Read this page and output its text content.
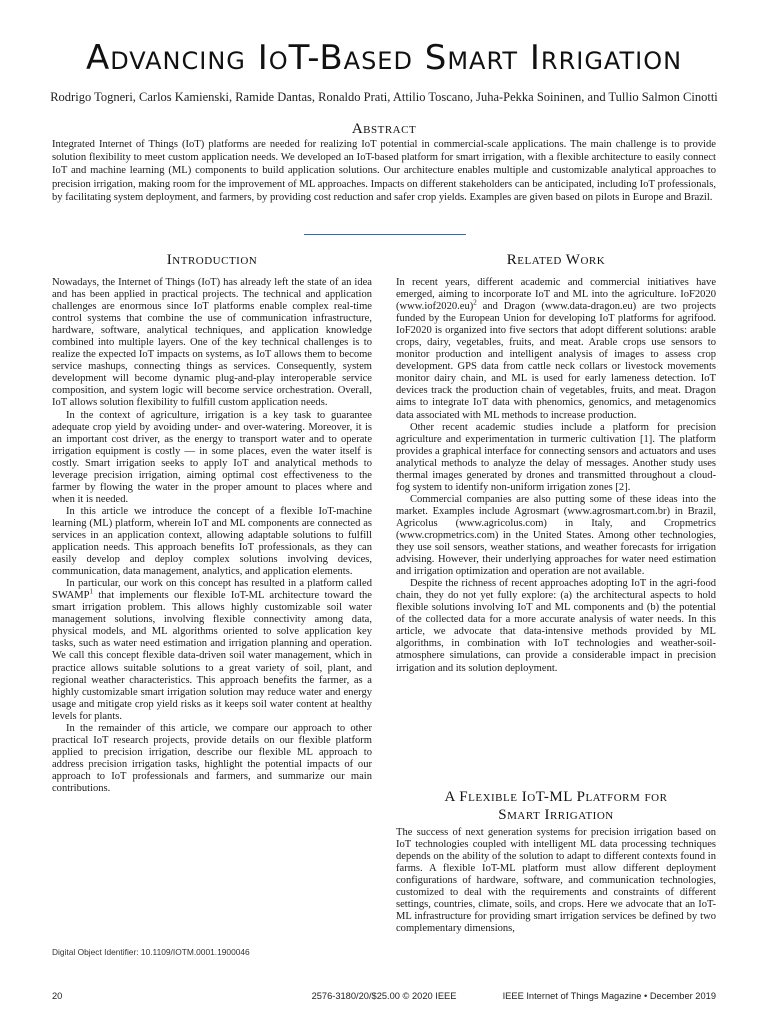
Advancing IoT-Based Smart Irrigation
Rodrigo Togneri, Carlos Kamienski, Ramide Dantas, Ronaldo Prati, Attilio Toscano, Juha-Pekka Soininen, and Tullio Salmon Cinotti
Abstract
Integrated Internet of Things (IoT) platforms are needed for realizing IoT potential in commercial-scale applications. The main challenge is to provide solution flexibility to meet custom application needs. We developed an IoT-based platform for smart irrigation, with a flexible architecture to easily connect IoT and machine learning (ML) components to build application solutions. Our architecture enables multiple and customizable analytical approaches to precision irrigation, making room for the improvement of ML approaches. Impacts on different stakeholders can be anticipated, including IoT professionals, by facilitating system deployment, and farmers, by providing cost reduction and safer crop yields. Examples are given based on pilots in Europe and Brazil.
Introduction

Nowadays, the Internet of Things (IoT) has already left the state of an idea and has been applied in practical projects. The technical and application challenges are enormous since IoT platforms enable complex real-time control systems that combine the use of communication infrastructure, hardware, software, analytical techniques, and application knowledge combined into multiple layers. One of the key technical challenges is to realize the expected IoT impacts on systems, as IoT allows them to become service mashups, connecting things as services. Consequently, system development will become dynamic plug-and-play interoperable service composition, and system logic will become service orchestration. Overall, IoT allows solution flexibility to fulfill custom application needs.

In the context of agriculture, irrigation is a key task to guarantee adequate crop yield by avoiding under- and over-watering. Moreover, it is an important cost driver, as the energy to transport water and to operate irrigation equipment is costly — in some places, even the water itself is costly. Smart irrigation seeks to apply IoT and analytical methods to leverage precision irrigation, aiming optimal cost effectiveness to the farmer by flowing the water in the proper amount to places where and when it is needed.

In this article we introduce the concept of a flexible IoT-machine learning (ML) platform, wherein IoT and ML components are connected as services in an application context, allowing adaptable solutions to fulfill application needs. This approach benefits IoT professionals, as they can easily develop and deploy complex solutions involving devices, communication, data management, analytics, and application elements.

In particular, our work on this concept has resulted in a platform called SWAMP$^1$ that implements our flexible IoT-ML architecture toward the smart irrigation problem. This allows highly customizable soil water management solutions, involving flexible connectivity among data, physical models, and ML algorithms oriented to solve application key tasks, such as water need estimation and irrigation planning and operation. We call this concept flexible data-driven soil water management, which in practice allows suitable solutions to a great variety of soil, plant, and regional weather characteristics. This approach benefits the farmer, as a highly customizable smart irrigation solution may reduce water and energy usage and mitigate crop yield risks as it keeps soil water content at healthy levels for plants.

In the remainder of this article, we compare our approach to other practical IoT research projects, provide details on our flexible platform applied to precision irrigation, describe our flexible ML approach to address precision irrigation tasks, highlight the potential impacts of our approach to IoT professionals and farmers, and summarize our main contributions.

Digital Object Identifier: 10.1109/IOTM.0001.1900046
Related Work

In recent years, different academic and commercial initiatives have emerged, aiming to incorporate IoT and ML into the agriculture. IoF2020 $(www.iof2020.eu)^2$ and Dragon (www.data-dragon.eu) are two projects funded by the European Union for developing IoT platforms for agrifood. IoF2020 is organized into five sectors that adopt different solutions: arable crops, dairy, vegetables, fruits, and meat. Arable crops use sensors to monitor production and intelligent analysis of images to assess crop development. GPS data from cattle neck collars or livestock movements monitor dairy chain, and ML is used for early lameness detection. IoT devices track the production chain of vegetables, fruits, and meat. Dragon aims to integrate IoT data with phenomics, genomics, and metagenomics data associated with ML methods to increase production.

Other recent academic studies include a platform for precision agriculture and experimentation in turmeric cultivation [1]. The platform provides a graphical interface for connecting sensors and actuators and uses analytical methods to analyze the delay of messages. Another study uses thermal images generated by drones and transmitted throughout a cloud-fog system to identify non-uniform irrigation zones [2].

Commercial companies are also putting some of these ideas into the market. Examples include Agrosmart (www.agrosmart.com.br) in Brazil, Agricolus (www.agricolus.com) in Italy, and Cropmetrics (www.cropmetrics.com) in the United States. Among other technologies, they use soil sensors, weather stations, and weather forecasts for irrigation advising. However, their underlying approaches for water need estimation and irrigation optimization and operation are not available.

Despite the richness of recent approaches adopting IoT in the agri-food chain, they do not yet fully explore: (a) the architectural aspects to hold flexible solutions involving IoT and ML components and (b) the potential of the collected data for a more accurate analysis of water needs. In this article, we advocate that data-intensive methods provided by ML algorithms, in combination with IoT technologies and weather-soil-atmosphere simulations, can provide a considerable impact in precision irrigation and its solution deployment.

A Flexible IoT-ML Platform for
Smart Irrigation

The success of next generation systems for precision irrigation based on IoT technologies coupled with intelligent ML data processing techniques depends on the ability of the solution to adapt to different contexts found in farms. A flexible IoT-ML platform must allow different deployment configurations of hardware, software, and communication technologies, customized to deal with the requirements and constraints of different settings, countries, climate, soils, and crops. Here we advocate that an IoT-ML infrastructure for providing smart irrigation services be defined by two complementary dimensions,

20	2576-3180/20/$25.00 © 2020 IEEE	IEEE Internet of Things Magazine • December 2019
